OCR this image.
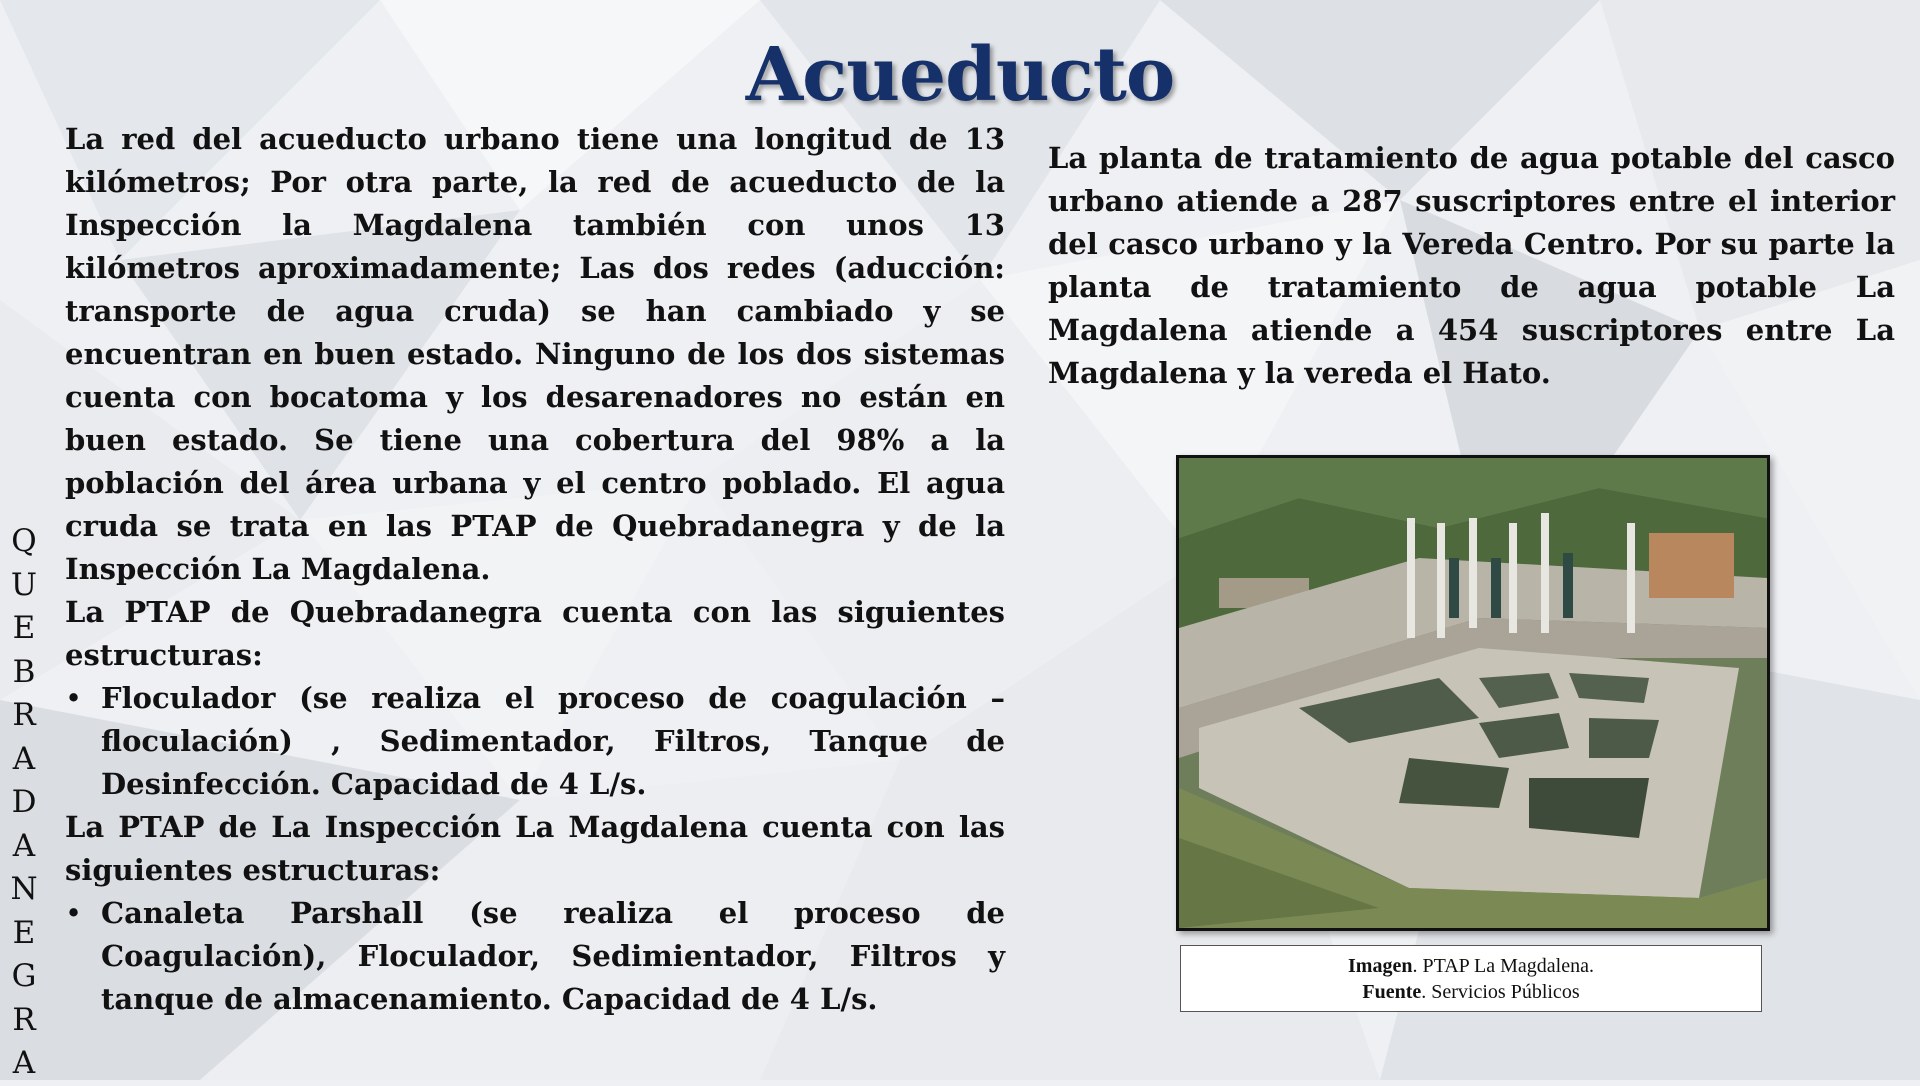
Acueducto
Q
U
E
B
R
A
D
A
N
E
G
R
A

La red del acueducto urbano tiene una longitud de 13 kilómetros; Por otra parte, la red de acueducto de la Inspección la Magdalena también con unos 13 kilómetros aproximadamente; Las dos redes (aducción: transporte de agua cruda) se han cambiado y se encuentran en buen estado. Ninguno de los dos sistemas cuenta con bocatoma y los desarenadores no están en buen estado. Se tiene una cobertura del 98% a la población del área urbana y el centro poblado. El agua cruda se trata en las PTAP de Quebradanegra y de la Inspección La Magdalena.

La PTAP de Quebradanegra cuenta con las siguientes estructuras:

• Floculador (se realiza el proceso de coagulación – floculación) , Sedimentador, Filtros, Tanque de Desinfección. Capacidad de 4 L/s.

La PTAP de La Inspección La Magdalena cuenta con las siguientes estructuras:

• Canaleta Parshall (se realiza el proceso de Coagulación), Floculador, Sedimientador, Filtros y tanque de almacenamiento. Capacidad de 4 L/s.

La planta de tratamiento de agua potable del casco urbano atiende a 287 suscriptores entre el interior del casco urbano y la Vereda Centro. Por su parte la planta de tratamiento de agua potable La Magdalena atiende a 454 suscriptores entre La Magdalena y la vereda el Hato.

Imagen. PTAP La Magdalena.
Fuente. Servicios Públicos
